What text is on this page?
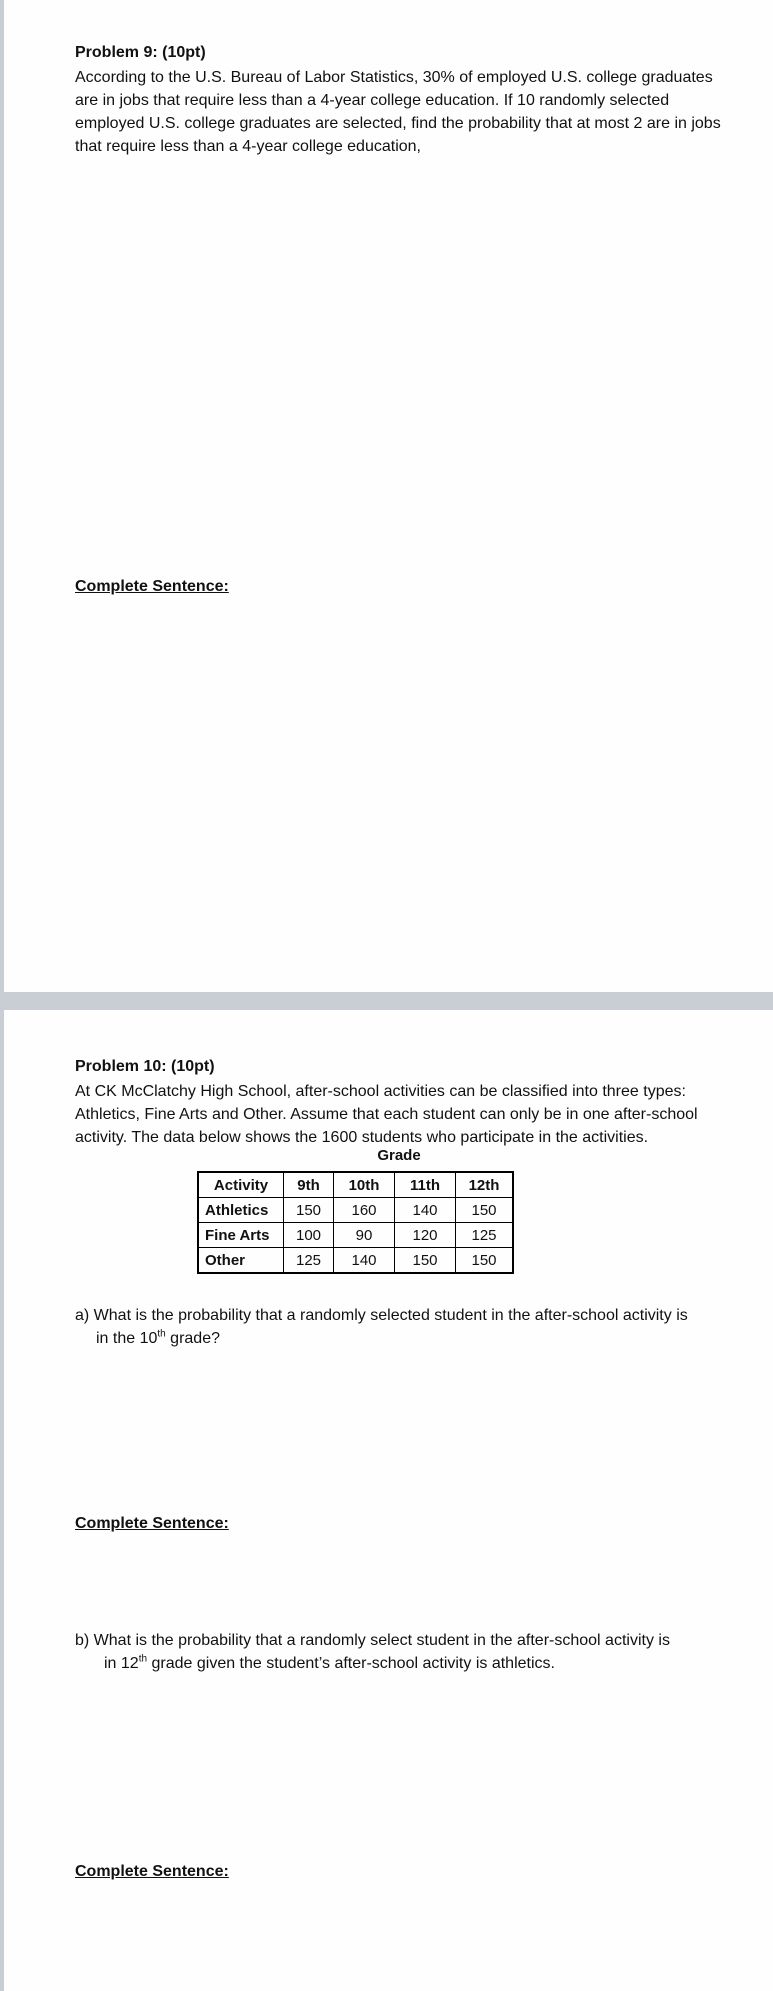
Problem 9: (10pt)
According to the U.S. Bureau of Labor Statistics, 30% of employed U.S. college graduates are in jobs that require less than a 4-year college education. If 10 randomly selected employed U.S. college graduates are selected, find the probability that at most 2 are in jobs that require less than a 4-year college education,
Complete Sentence:
Problem 10: (10pt)
At CK McClatchy High School, after-school activities can be classified into three types: Athletics, Fine Arts and Other. Assume that each student can only be in one after-school activity. The data below shows the 1600 students who participate in the activities.
Grade
Activity	9th	10th	11th	12th
Athletics	150	160	140	150
Fine Arts	100	90	120	125
Other	125	140	150	150
a) What is the probability that a randomly selected student in the after-school activity is
in the 10th grade?
Complete Sentence:
b) What is the probability that a randomly select student in the after-school activity is
in 12th grade given the student’s after-school activity is athletics.
Complete Sentence:
